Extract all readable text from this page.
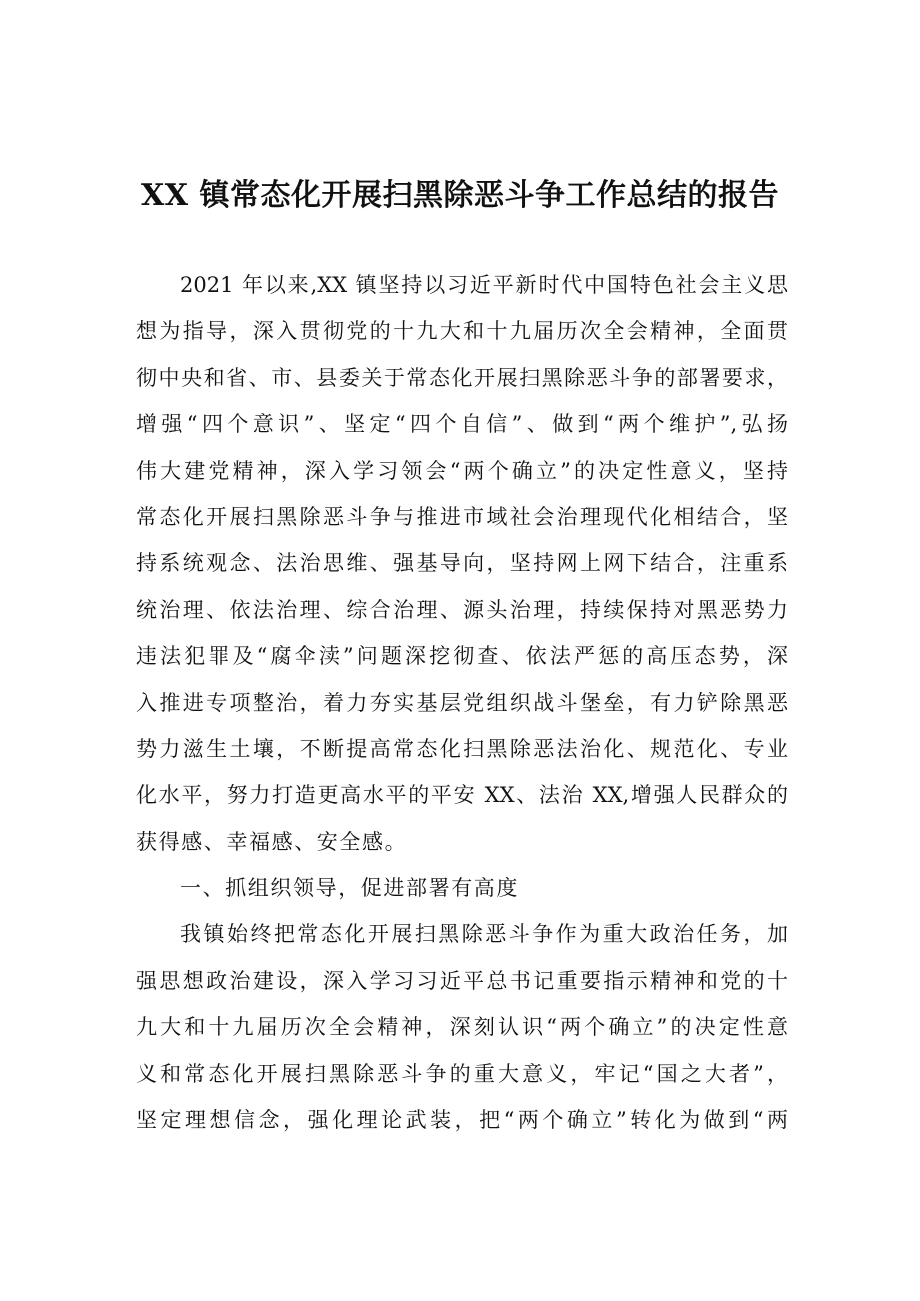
XX 镇常态化开展扫黑除恶斗争工作总结的报告
2021 年以来,XX 镇坚持以习近平新时代中国特色社会主义思
想为指导，深入贯彻党的十九大和十九届历次全会精神，全面贯
彻中央和省、市、县委关于常态化开展扫黑除恶斗争的部署要求，
增强“四个意识”、坚定“四个自信”、做到“两个维护”,弘扬
伟大建党精神，深入学习领会“两个确立”的决定性意义，坚持
常态化开展扫黑除恶斗争与推进市域社会治理现代化相结合，坚
持系统观念、法治思维、强基导向，坚持网上网下结合，注重系
统治理、依法治理、综合治理、源头治理，持续保持对黑恶势力
违法犯罪及“腐伞渎”问题深挖彻查、依法严惩的高压态势，深
入推进专项整治，着力夯实基层党组织战斗堡垒，有力铲除黑恶
势力滋生土壤，不断提高常态化扫黑除恶法治化、规范化、专业
化水平，努力打造更高水平的平安 XX、法治 XX,增强人民群众的
获得感、幸福感、安全感。
一、抓组织领导，促进部署有高度
我镇始终把常态化开展扫黑除恶斗争作为重大政治任务，加
强思想政治建设，深入学习习近平总书记重要指示精神和党的十
九大和十九届历次全会精神，深刻认识“两个确立”的决定性意
义和常态化开展扫黑除恶斗争的重大意义，牢记“国之大者”，
坚定理想信念，强化理论武装，把“两个确立”转化为做到“两
